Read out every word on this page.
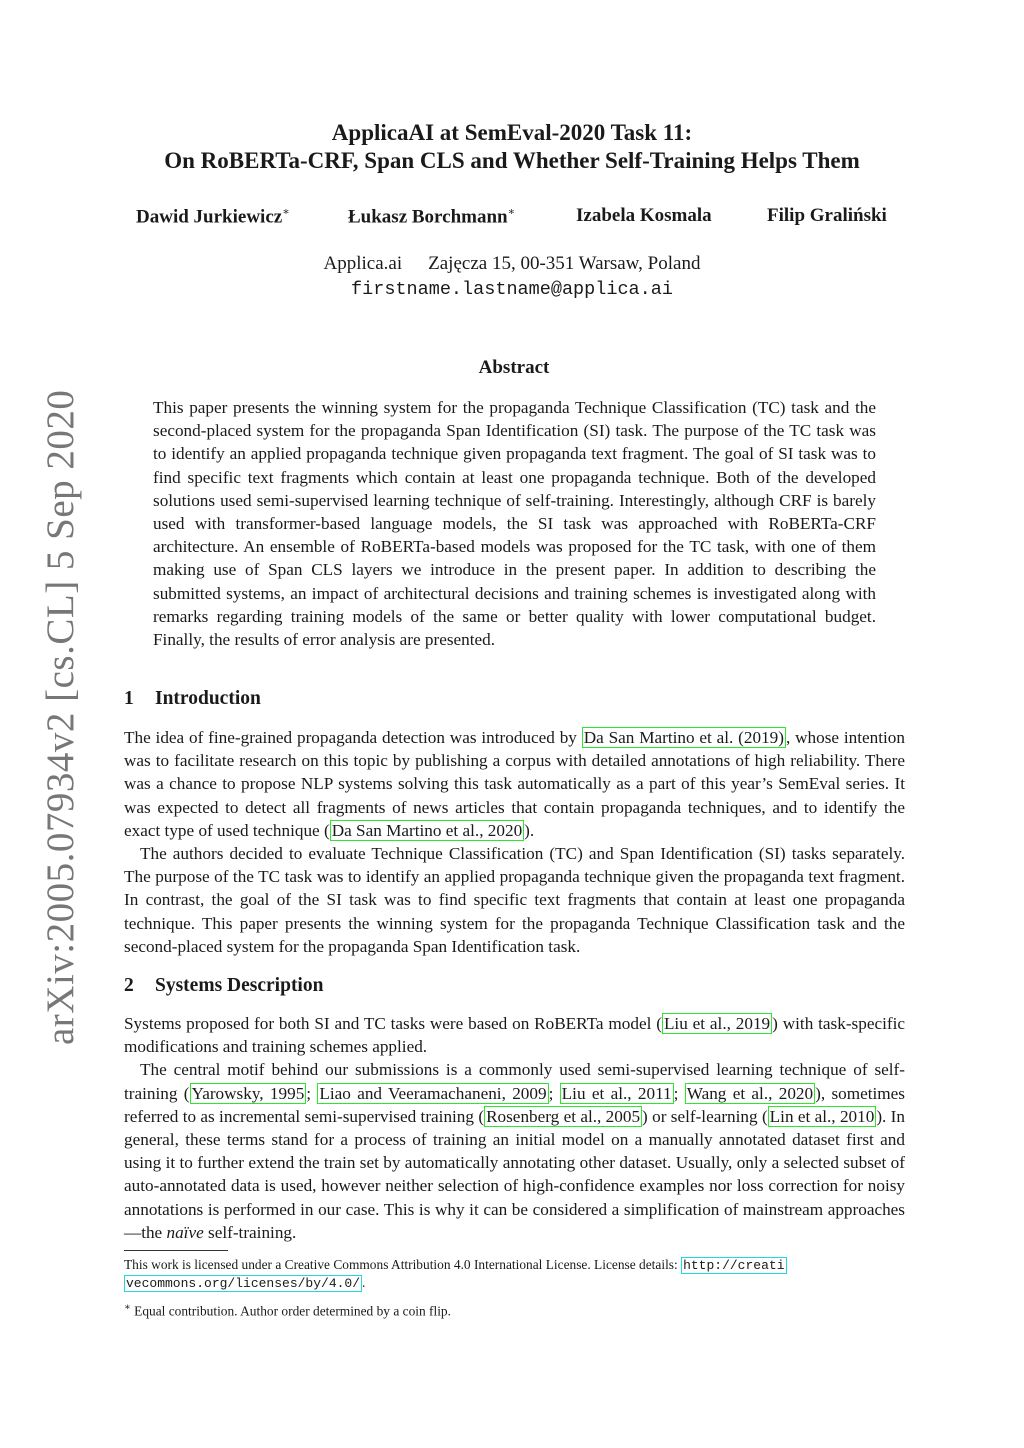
arXiv:2005.07934v2 [cs.CL] 5 Sep 2020
ApplicaAI at SemEval-2020 Task 11:
On RoBERTa-CRF, Span CLS and Whether Self-Training Helps Them
Dawid Jurkiewicz∗	Łukasz Borchmann∗	Izabela Kosmala	Filip Graliński
Applica.ai Zajęcza 15, 00-351 Warsaw, Poland
firstname.lastname@applica.ai
Abstract
This paper presents the winning system for the propaganda Technique Classification (TC) task and the second-placed system for the propaganda Span Identification (SI) task. The purpose of the TC task was to identify an applied propaganda technique given propaganda text fragment. The goal of SI task was to find specific text fragments which contain at least one propaganda technique. Both of the developed solutions used semi-supervised learning technique of self-training. Interestingly, although CRF is barely used with transformer-based language models, the SI task was approached with RoBERTa-CRF architecture. An ensemble of RoBERTa-based models was proposed for the TC task, with one of them making use of Span CLS layers we introduce in the present paper. In addition to describing the submitted systems, an impact of architectural decisions and training schemes is investigated along with remarks regarding training models of the same or better quality with lower computational budget. Finally, the results of error analysis are presented.
1 Introduction

The idea of fine-grained propaganda detection was introduced by Da San Martino et al. (2019) , whose intention was to facilitate research on this topic by publishing a corpus with detailed annotations of high reliability. There was a chance to propose NLP systems solving this task automatically as a part of this year’s SemEval series. It was expected to detect all fragments of news articles that contain propaganda techniques, and to identify the exact type of used technique ( Da San Martino et al., 2020 ).

The authors decided to evaluate Technique Classification (TC) and Span Identification (SI) tasks separately. The purpose of the TC task was to identify an applied propaganda technique given the propaganda text fragment. In contrast, the goal of the SI task was to find specific text fragments that contain at least one propaganda technique. This paper presents the winning system for the propaganda Technique Classification task and the second-placed system for the propaganda Span Identification task.

2 Systems Description

Systems proposed for both SI and TC tasks were based on RoBERTa model ( Liu et al., 2019 ) with task-specific modifications and training schemes applied.

The central motif behind our submissions is a commonly used semi-supervised learning technique of self-training ( Yarowsky, 1995 ; Liao and Veeramachaneni, 2009 ; Liu et al., 2011 ; Wang et al., 2020 ), sometimes referred to as incremental semi-supervised training ( Rosenberg et al., 2005 ) or self-learning ( Lin et al., 2010 ). In general, these terms stand for a process of training an initial model on a manually annotated dataset first and using it to further extend the train set by automatically annotating other dataset. Usually, only a selected subset of auto-annotated data is used, however neither selection of high-confidence examples nor loss correction for noisy annotations is performed in our case. This is why it can be considered a simplification of mainstream approaches—the naïve self-training.

This work is licensed under a Creative Commons Attribution 4.0 International License. License details: http://creati
vecommons.org/licenses/by/4.0/ .
∗ Equal contribution. Author order determined by a coin flip.
